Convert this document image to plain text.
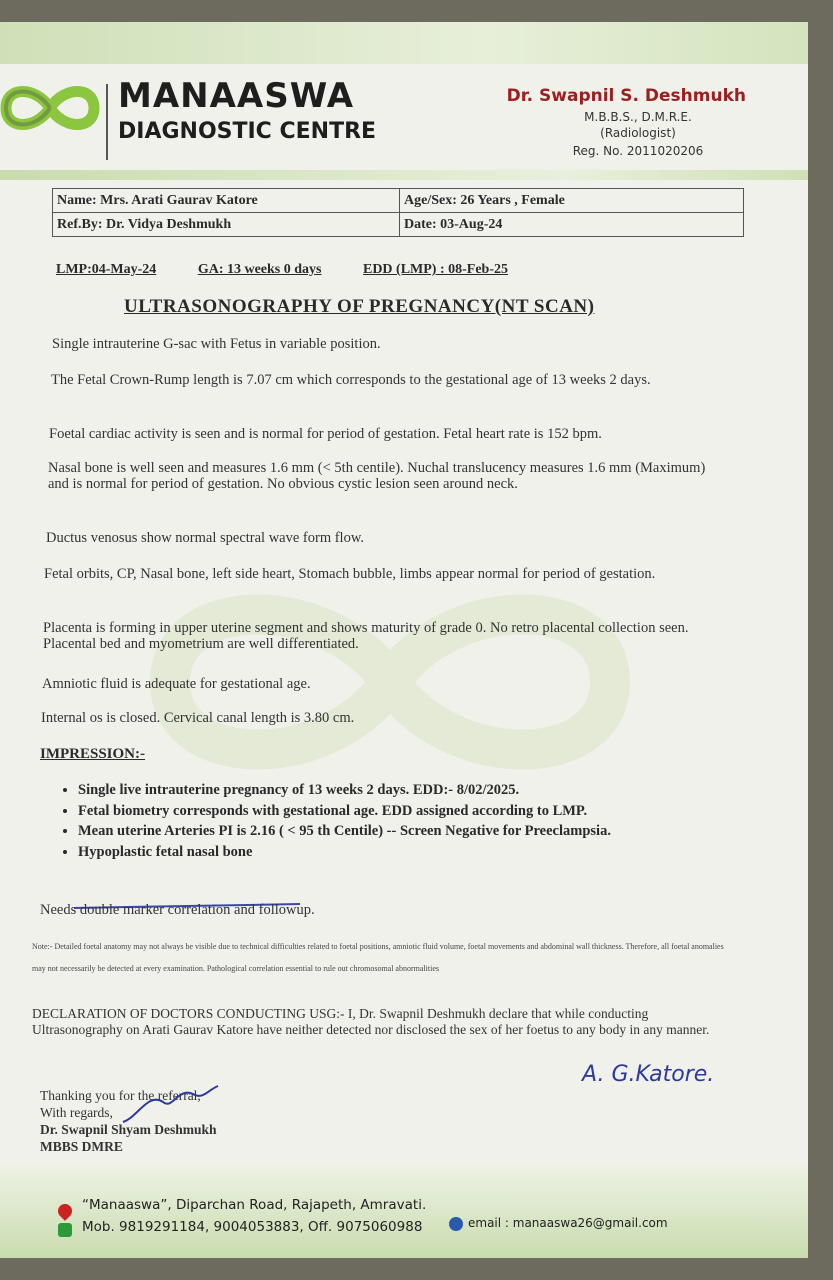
MANAASWA
DIAGNOSTIC CENTRE
Dr. Swapnil S. Deshmukh
M.B.B.S., D.M.R.E.
(Radiologist)
Reg. No. 2011020206
Name: Mrs. Arati Gaurav Katore	Age/Sex: 26 Years , Female
Ref.By: Dr. Vidya Deshmukh	Date: 03-Aug-24
LMP:04-May-24	GA: 13 weeks 0 days	EDD (LMP) : 08-Feb-25
ULTRASONOGRAPHY OF PREGNANCY(NT SCAN)
Single intrauterine G-sac with Fetus in variable position.
The Fetal Crown-Rump length is 7.07 cm which corresponds to the gestational age of 13 weeks 2 days.
Foetal cardiac activity is seen and is normal for period of gestation. Fetal heart rate is 152 bpm.
Nasal bone is well seen and measures 1.6 mm (< 5th centile). Nuchal translucency measures 1.6 mm (Maximum) and is normal for period of gestation. No obvious cystic lesion seen around neck.
Ductus venosus show normal spectral wave form flow.
Fetal orbits, CP, Nasal bone, left side heart, Stomach bubble, limbs appear normal for period of gestation.
Placenta is forming in upper uterine segment and shows maturity of grade 0. No retro placental collection seen. Placental bed and myometrium are well differentiated.
Amniotic fluid is adequate for gestational age.
Internal os is closed. Cervical canal length is 3.80 cm.
IMPRESSION:-
• Single live intrauterine pregnancy of 13 weeks 2 days. EDD:- 8/02/2025.
• Fetal biometry corresponds with gestational age. EDD assigned according to LMP.
• Mean uterine Arteries PI is 2.16 ( < 95 th Centile) -- Screen Negative for Preeclampsia.
• Hypoplastic fetal nasal bone
Needs double marker correlation and followup.
Note:- Detailed foetal anatomy may not always be visible due to technical difficulties related to foetal positions, amniotic fluid volume, foetal movements and abdominal wall thickness. Therefore, all foetal anomalies may not necessarily be detected at every examination. Pathological correlation essential to rule out chromosomal abnormalities
DECLARATION OF DOCTORS CONDUCTING USG:- I, Dr. Swapnil Deshmukh declare that while conducting Ultrasonography on Arati Gaurav Katore have neither detected nor disclosed the sex of her foetus to any body in any manner.
A. G.Katore.
Thanking you for the referral,
With regards,
Dr. Swapnil Shyam Deshmukh
MBBS DMRE
“Manaaswa”, Diparchan Road, Rajapeth, Amravati.
Mob. 9819291184, 9004053883, Off. 9075060988	email : manaaswa26@gmail.com
